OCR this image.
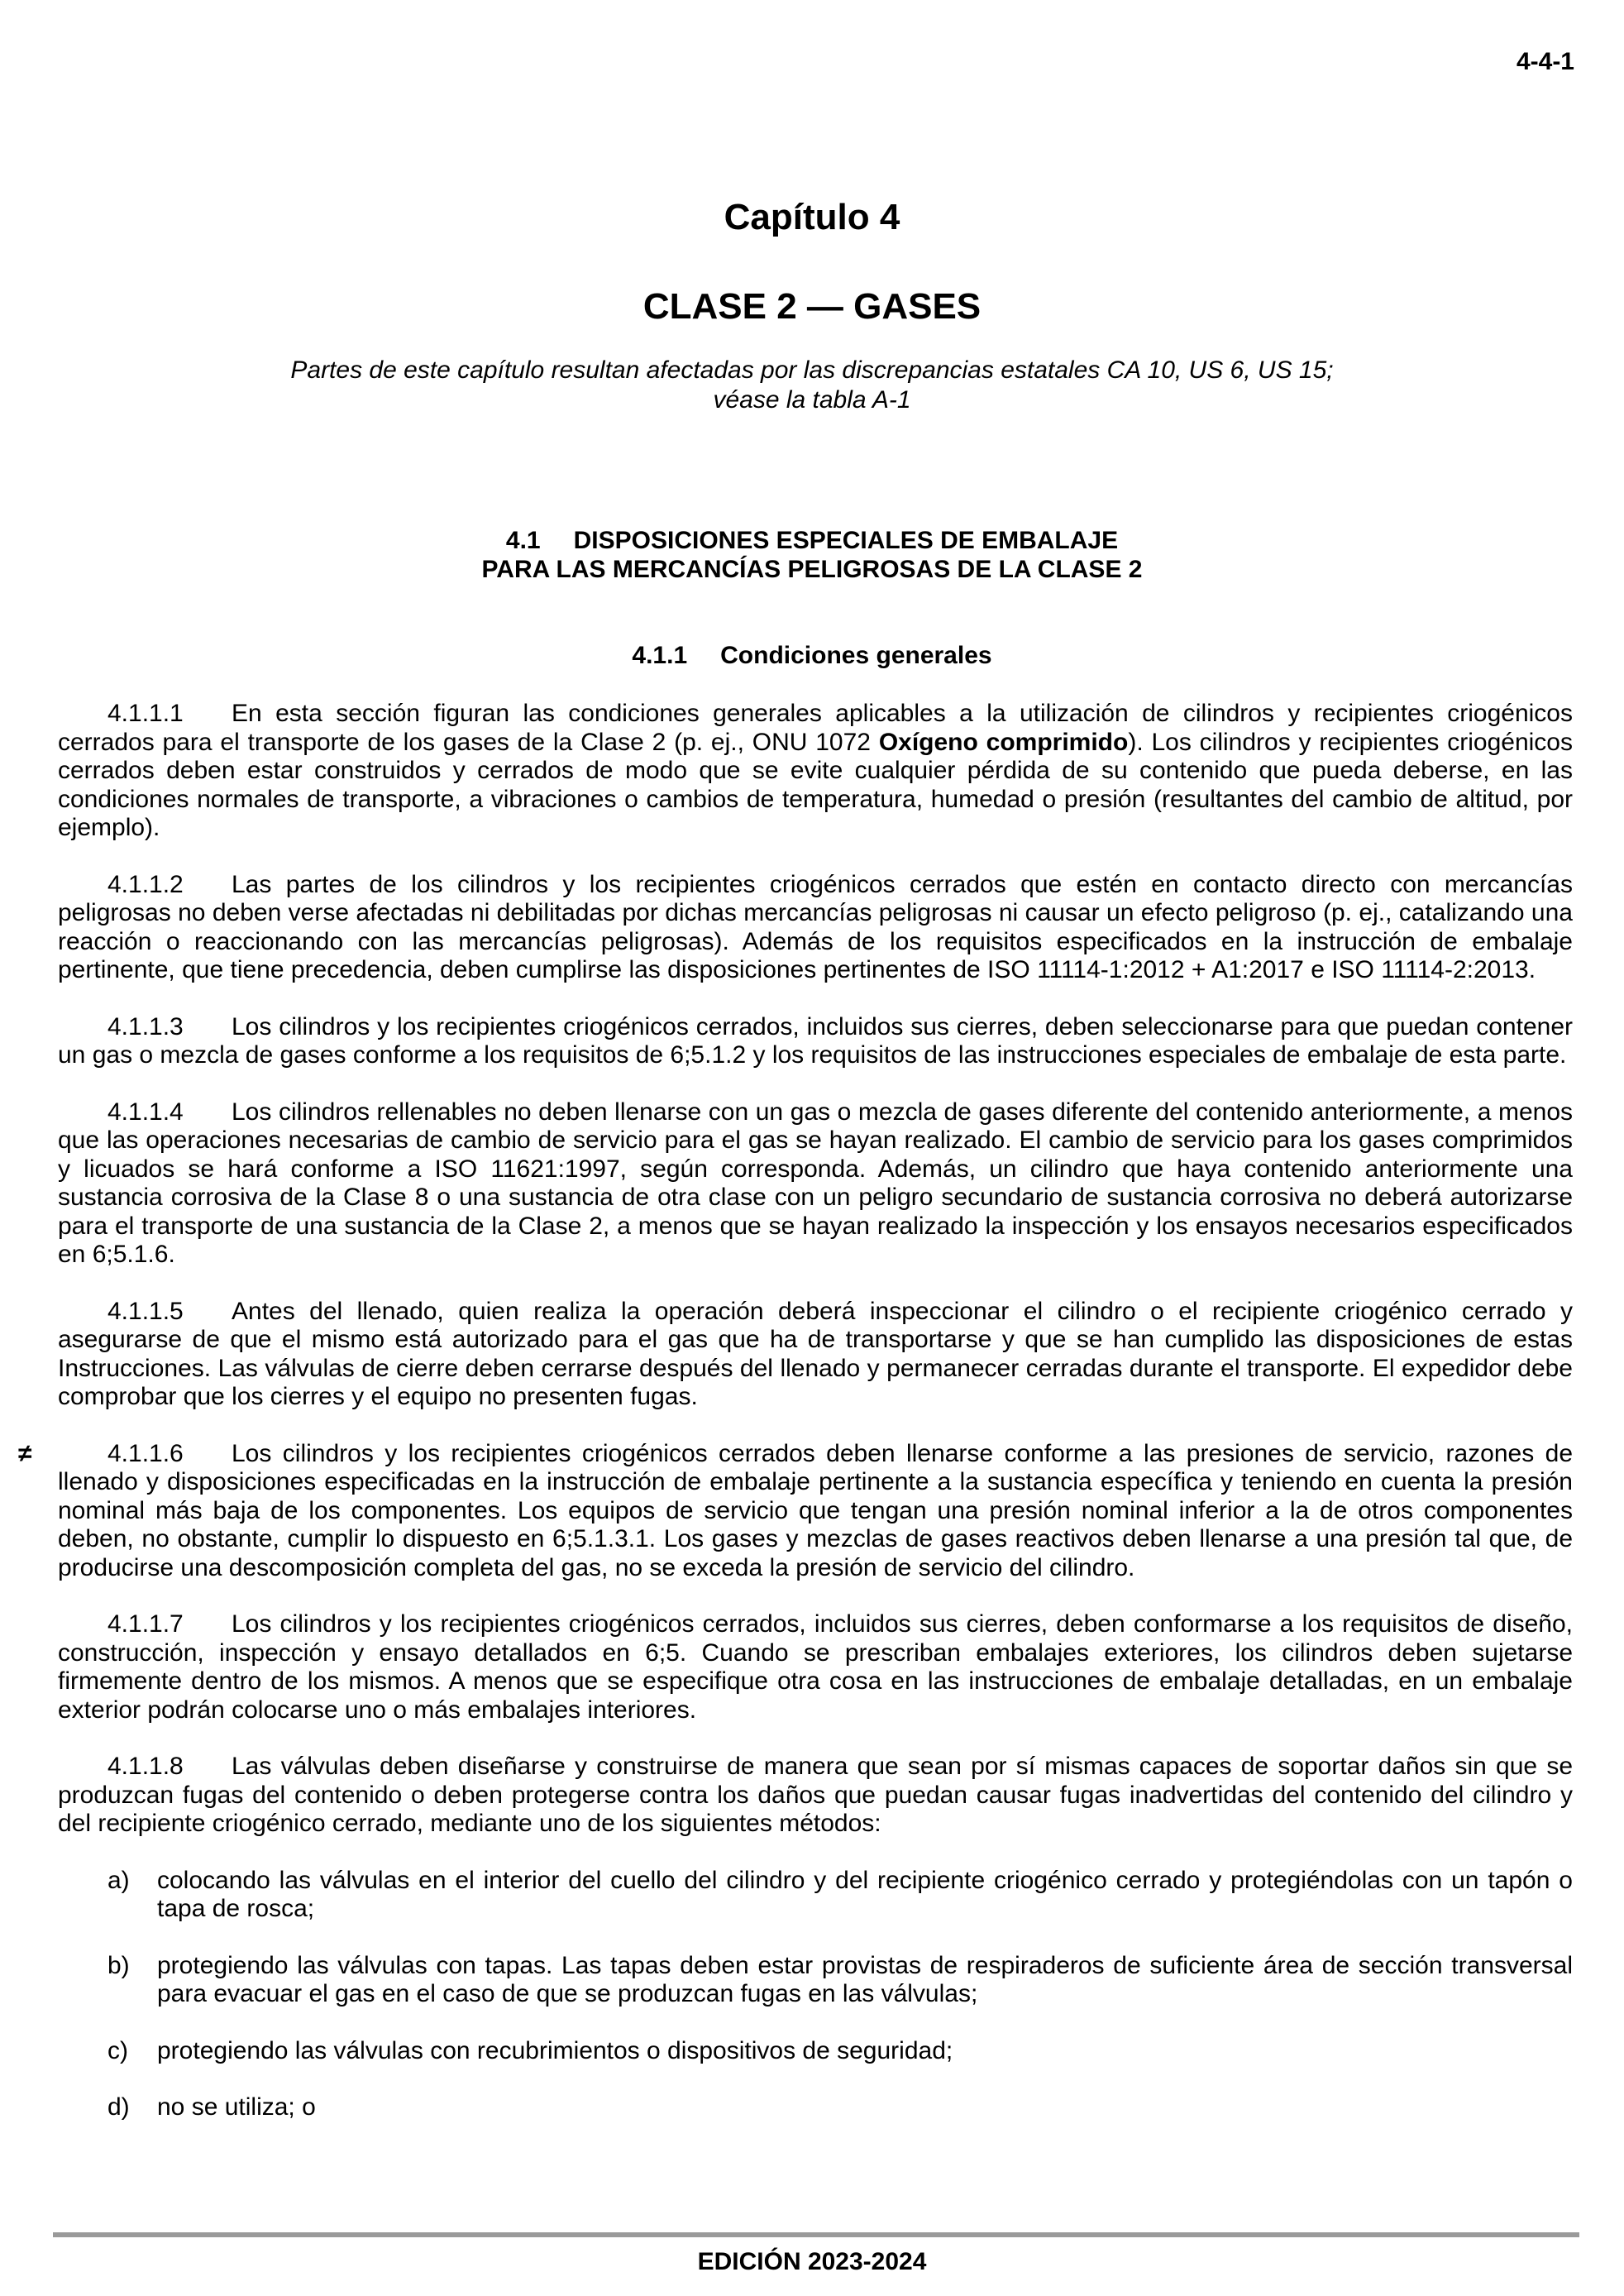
4-4-1
Capítulo 4
CLASE 2 — GASES
Partes de este capítulo resultan afectadas por las discrepancias estatales CA 10, US 6, US 15;
véase la tabla A-1
4.1 DISPOSICIONES ESPECIALES DE EMBALAJE
PARA LAS MERCANCÍAS PELIGROSAS DE LA CLASE 2
4.1.1 Condiciones generales

4.1.1.1 En esta sección figuran las condiciones generales aplicables a la utilización de cilindros y recipientes criogénicos cerrados para el transporte de los gases de la Clase 2 (p. ej., ONU 1072 Oxígeno comprimido). Los cilindros y recipientes criogénicos cerrados deben estar construidos y cerrados de modo que se evite cualquier pérdida de su contenido que pueda deberse, en las condiciones normales de transporte, a vibraciones o cambios de temperatura, humedad o presión (resultantes del cambio de altitud, por ejemplo).

4.1.1.2 Las partes de los cilindros y los recipientes criogénicos cerrados que estén en contacto directo con mercancías peligrosas no deben verse afectadas ni debilitadas por dichas mercancías peligrosas ni causar un efecto peligroso (p. ej., catalizando una reacción o reaccionando con las mercancías peligrosas). Además de los requisitos especificados en la instrucción de embalaje pertinente, que tiene precedencia, deben cumplirse las disposiciones pertinentes de ISO 11114-1:2012 + A1:2017 e ISO 11114-2:2013.

4.1.1.3 Los cilindros y los recipientes criogénicos cerrados, incluidos sus cierres, deben seleccionarse para que puedan contener un gas o mezcla de gases conforme a los requisitos de 6;5.1.2 y los requisitos de las instrucciones especiales de embalaje de esta parte.

4.1.1.4 Los cilindros rellenables no deben llenarse con un gas o mezcla de gases diferente del contenido anteriormente, a menos que las operaciones necesarias de cambio de servicio para el gas se hayan realizado. El cambio de servicio para los gases comprimidos y licuados se hará conforme a ISO 11621:1997, según corresponda. Además, un cilindro que haya contenido anteriormente una sustancia corrosiva de la Clase 8 o una sustancia de otra clase con un peligro secundario de sustancia corrosiva no deberá autorizarse para el transporte de una sustancia de la Clase 2, a menos que se hayan realizado la inspección y los ensayos necesarios especificados en 6;5.1.6.

4.1.1.5 Antes del llenado, quien realiza la operación deberá inspeccionar el cilindro o el recipiente criogénico cerrado y asegurarse de que el mismo está autorizado para el gas que ha de transportarse y que se han cumplido las disposiciones de estas Instrucciones. Las válvulas de cierre deben cerrarse después del llenado y permanecer cerradas durante el transporte. El expedidor debe comprobar que los cierres y el equipo no presenten fugas.

≠	4.1.1.6 Los cilindros y los recipientes criogénicos cerrados deben llenarse conforme a las presiones de servicio, razones de llenado y disposiciones especificadas en la instrucción de embalaje pertinente a la sustancia específica y teniendo en cuenta la presión nominal más baja de los componentes. Los equipos de servicio que tengan una presión nominal inferior a la de otros componentes deben, no obstante, cumplir lo dispuesto en 6;5.1.3.1. Los gases y mezclas de gases reactivos deben llenarse a una presión tal que, de producirse una descomposición completa del gas, no se exceda la presión de servicio del cilindro.

4.1.1.7 Los cilindros y los recipientes criogénicos cerrados, incluidos sus cierres, deben conformarse a los requisitos de diseño, construcción, inspección y ensayo detallados en 6;5. Cuando se prescriban embalajes exteriores, los cilindros deben sujetarse firmemente dentro de los mismos. A menos que se especifique otra cosa en las instrucciones de embalaje detalladas, en un embalaje exterior podrán colocarse uno o más embalajes interiores.

4.1.1.8 Las válvulas deben diseñarse y construirse de manera que sean por sí mismas capaces de soportar daños sin que se produzcan fugas del contenido o deben protegerse contra los daños que puedan causar fugas inadvertidas del contenido del cilindro y del recipiente criogénico cerrado, mediante uno de los siguientes métodos:

a)	colocando las válvulas en el interior del cuello del cilindro y del recipiente criogénico cerrado y protegiéndolas con un tapón o tapa de rosca;
b)	protegiendo las válvulas con tapas. Las tapas deben estar provistas de respiraderos de suficiente área de sección transversal para evacuar el gas en el caso de que se produzcan fugas en las válvulas;
c)	protegiendo las válvulas con recubrimientos o dispositivos de seguridad;
d)	no se utiliza; o
EDICIÓN 2023-2024
